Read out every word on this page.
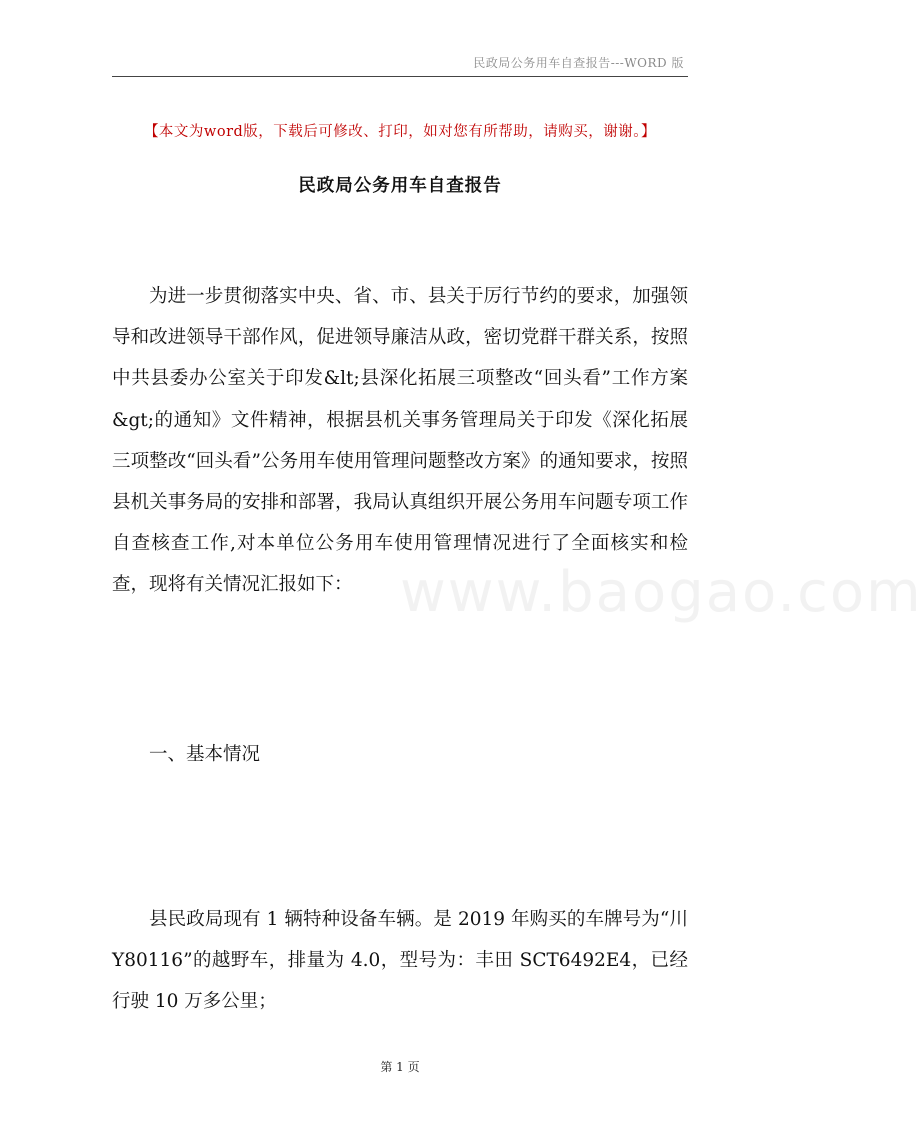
民政局公务用车自查报告---WORD 版
www.baogao.com
【本文为word版，下载后可修改、打印，如对您有所帮助，请购买，谢谢。】
民政局公务用车自查报告

为进一步贯彻落实中央、省、市、县关于厉行节约的要求，加强领导和改进领导干部作风，促进领导廉洁从政，密切党群干群关系，按照中共县委办公室关于印发&lt;县深化拓展三项整改“回头看”工作方案&gt;的通知》文件精神，根据县机关事务管理局关于印发《深化拓展三项整改“回头看”公务用车使用管理问题整改方案》的通知要求，按照县机关事务局的安排和部署，我局认真组织开展公务用车问题专项工作自查核查工作,对本单位公务用车使用管理情况进行了全面核实和检查，现将有关情况汇报如下：

一、基本情况

县民政局现有 1 辆特种设备车辆。是 2019 年购买的车牌号为“川Y80116”的越野车，排量为 4.0，型号为：丰田 SCT6492E4，已经行驶 10 万多公里；

第 1 页
